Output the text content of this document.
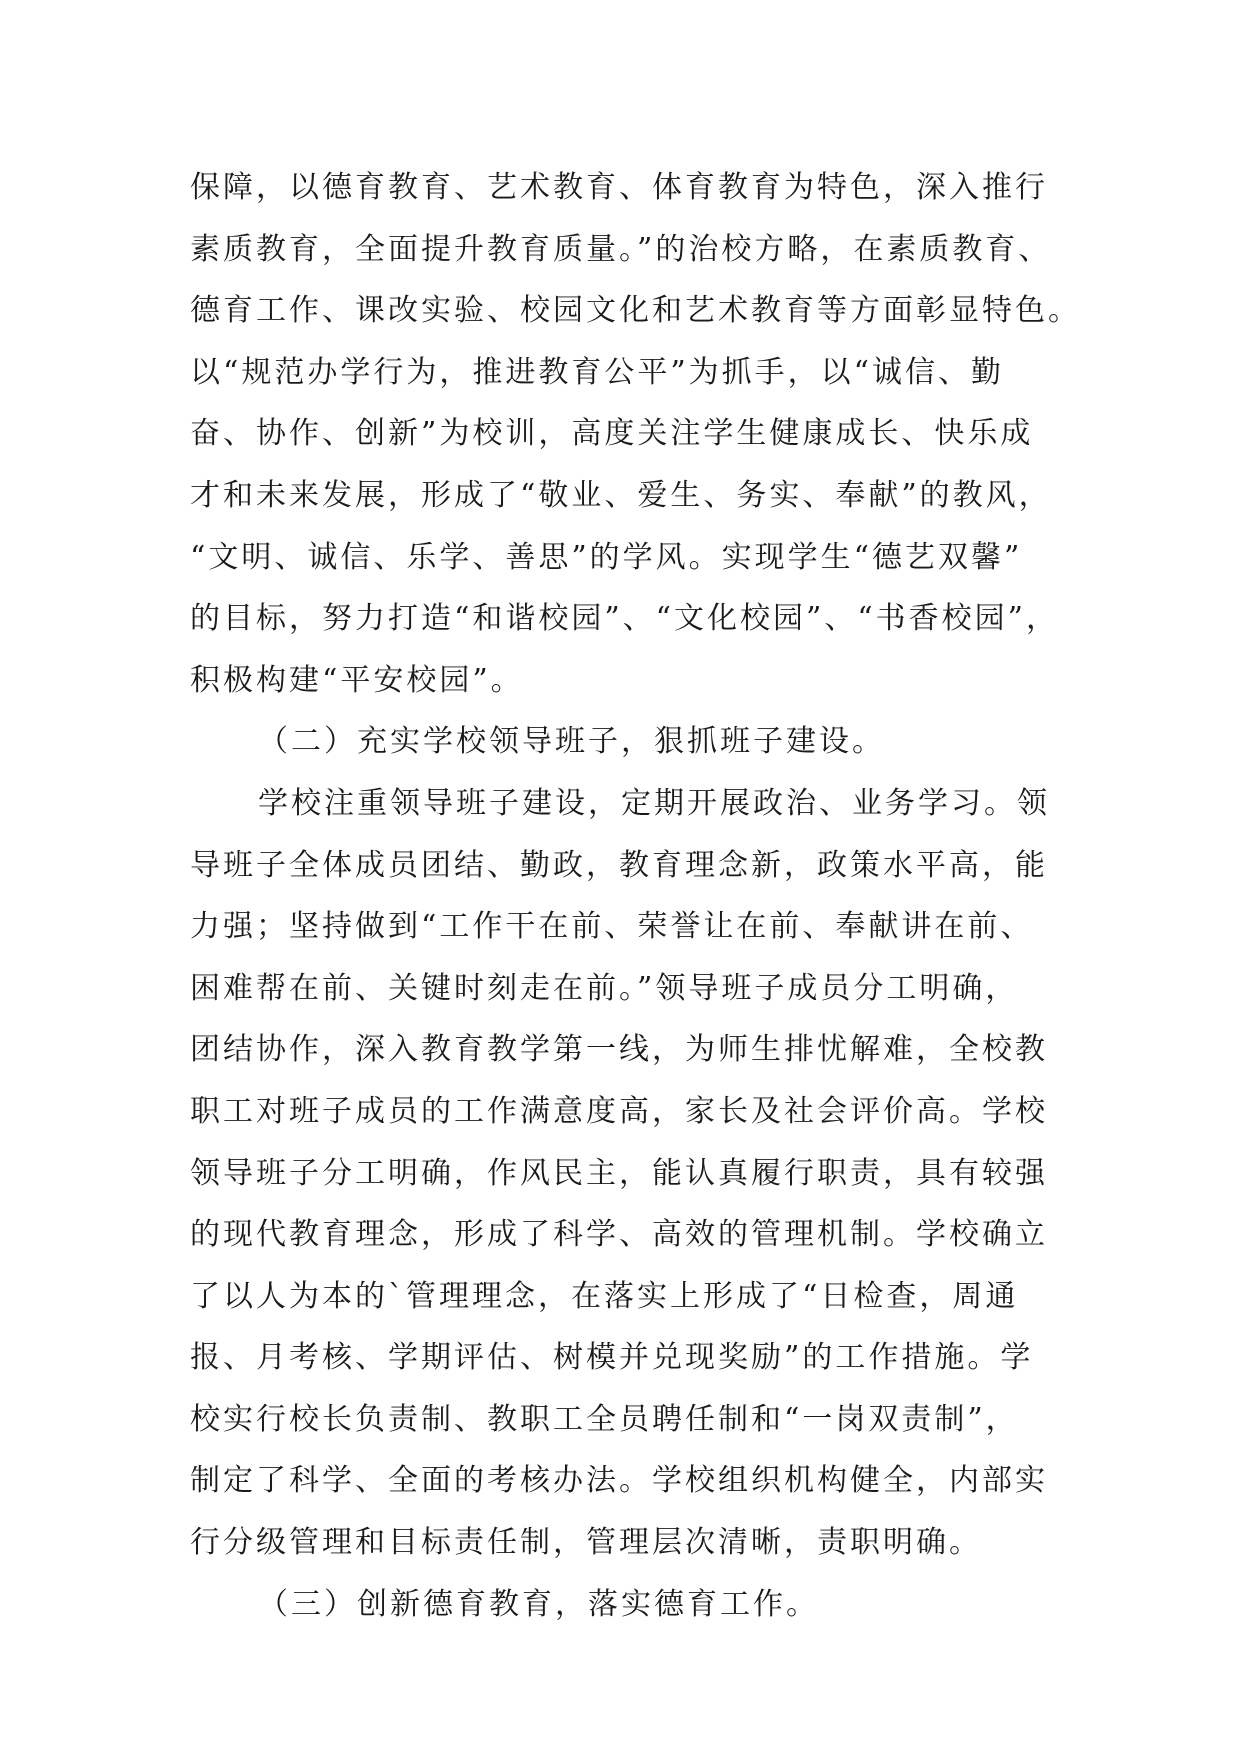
保障，以德育教育、艺术教育、体育教育为特色，深入推行
素质教育，全面提升教育质量。”的治校方略，在素质教育、
德育工作、课改实验、校园文化和艺术教育等方面彰显特色。
以“规范办学行为，推进教育公平”为抓手，以“诚信、勤
奋、协作、创新”为校训，高度关注学生健康成长、快乐成
才和未来发展，形成了“敬业、爱生、务实、奉献”的教风，
“文明、诚信、乐学、善思”的学风。实现学生“德艺双馨”
的目标，努力打造“和谐校园”、“文化校园”、“书香校园”，
积极构建“平安校园”。
（二）充实学校领导班子，狠抓班子建设。
学校注重领导班子建设，定期开展政治、业务学习。领
导班子全体成员团结、勤政，教育理念新，政策水平高，能
力强；坚持做到“工作干在前、荣誉让在前、奉献讲在前、
困难帮在前、关键时刻走在前。”领导班子成员分工明确，
团结协作，深入教育教学第一线，为师生排忧解难，全校教
职工对班子成员的工作满意度高，家长及社会评价高。学校
领导班子分工明确，作风民主，能认真履行职责，具有较强
的现代教育理念，形成了科学、高效的管理机制。学校确立
了以人为本的`管理理念，在落实上形成了“日检查，周通
报、月考核、学期评估、树模并兑现奖励”的工作措施。学
校实行校长负责制、教职工全员聘任制和“一岗双责制”，
制定了科学、全面的考核办法。学校组织机构健全，内部实
行分级管理和目标责任制，管理层次清晰，责职明确。
（三）创新德育教育，落实德育工作。
